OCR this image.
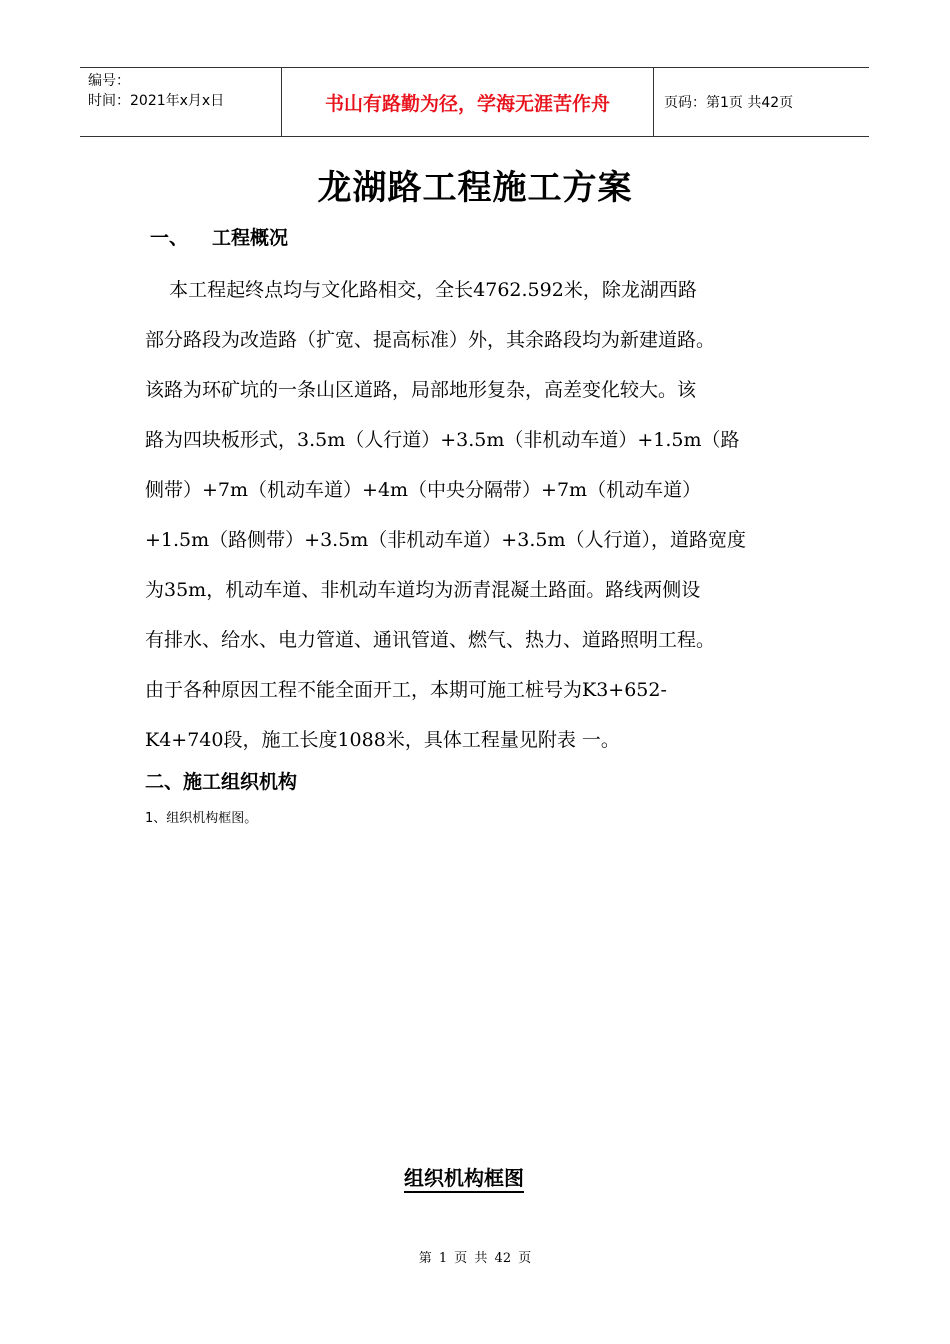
编号：
时间：2021年x月x日	书山有路勤为径，学海无涯苦作舟	页码：第1页 共42页
龙湖路工程施工方案
一、 工程概况
本工程起终点均与文化路相交，全长4762.592米，除龙湖西路
部分路段为改造路（扩宽、提高标准）外，其余路段均为新建道路。
该路为环矿坑的一条山区道路，局部地形复杂，高差变化较大。该
路为四块板形式，3.5m（人行道）+3.5m（非机动车道）+1.5m（路
侧带）+7m（机动车道）+4m（中央分隔带）+7m（机动车道）
+1.5m（路侧带）+3.5m（非机动车道）+3.5m（人行道），道路宽度
为35m，机动车道、非机动车道均为沥青混凝土路面。路线两侧设
有排水、给水、电力管道、通讯管道、燃气、热力、道路照明工程。
由于各种原因工程不能全面开工，本期可施工桩号为K3+652-
K4+740段，施工长度1088米，具体工程量见附表 一。
二、施工组织机构
1、组织机构框图。
组织机构框图
第 1 页 共 42 页
